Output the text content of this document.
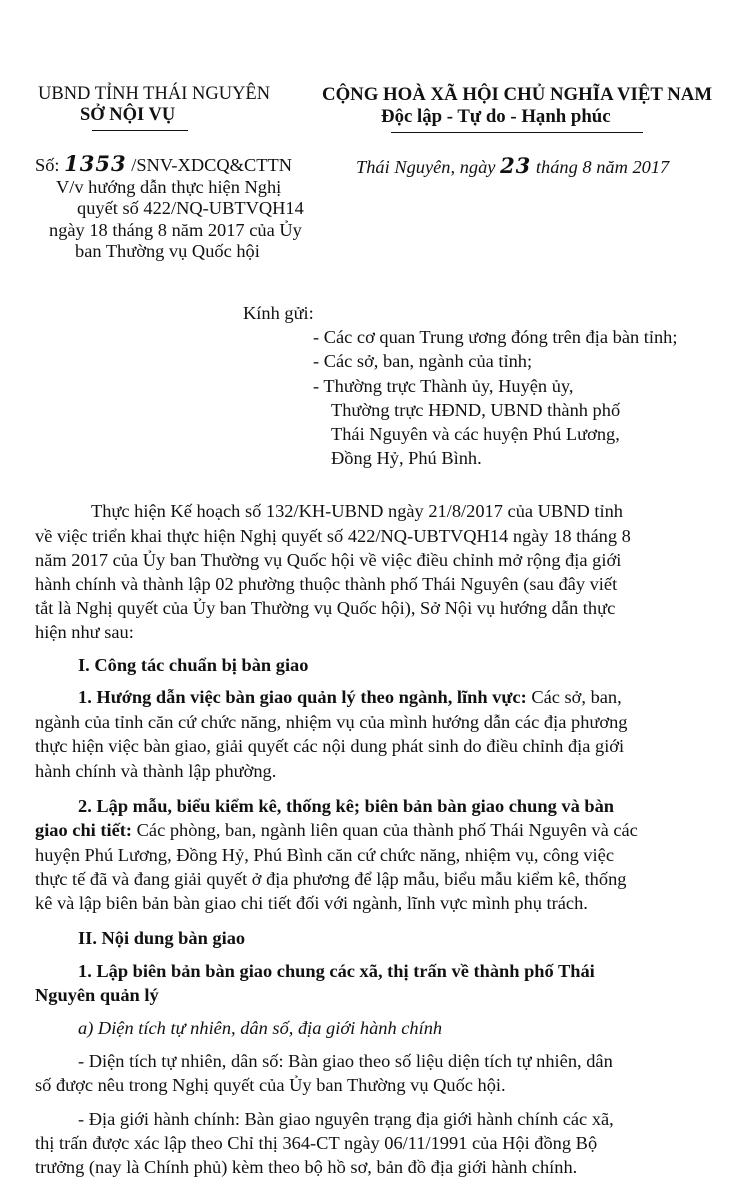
UBND TỈNH THÁI NGUYÊN
SỞ NỘI VỤ
CỘNG HOÀ XÃ HỘI CHỦ NGHĨA VIỆT NAM
Độc lập - Tự do - Hạnh phúc
Số: 1353 /SNV-XDCQ&CTTN	Thái Nguyên, ngày 23 tháng 8 năm 2017
V/v hướng dẫn thực hiện Nghị
quyết số 422/NQ-UBTVQH14
ngày 18 tháng 8 năm 2017 của Ủy
ban Thường vụ Quốc hội
Kính gửi:
- Các cơ quan Trung ương đóng trên địa bàn tỉnh;
- Các sở, ban, ngành của tỉnh;
- Thường trực Thành ủy, Huyện ủy,
Thường trực HĐND, UBND thành phố
Thái Nguyên và các huyện Phú Lương,
Đồng Hỷ, Phú Bình.
Thực hiện Kế hoạch số 132/KH-UBND ngày 21/8/2017 của UBND tỉnh
về việc triển khai thực hiện Nghị quyết số 422/NQ-UBTVQH14 ngày 18 tháng 8
năm 2017 của Ủy ban Thường vụ Quốc hội về việc điều chỉnh mở rộng địa giới
hành chính và thành lập 02 phường thuộc thành phố Thái Nguyên (sau đây viết
tắt là Nghị quyết của Ủy ban Thường vụ Quốc hội), Sở Nội vụ hướng dẫn thực
hiện như sau:
I. Công tác chuẩn bị bàn giao
1. Hướng dẫn việc bàn giao quản lý theo ngành, lĩnh vực: Các sở, ban,
ngành của tỉnh căn cứ chức năng, nhiệm vụ của mình hướng dẫn các địa phương
thực hiện việc bàn giao, giải quyết các nội dung phát sinh do điều chỉnh địa giới
hành chính và thành lập phường.
2. Lập mẫu, biểu kiểm kê, thống kê; biên bản bàn giao chung và bàn
giao chi tiết: Các phòng, ban, ngành liên quan của thành phố Thái Nguyên và các
huyện Phú Lương, Đồng Hỷ, Phú Bình căn cứ chức năng, nhiệm vụ, công việc
thực tế đã và đang giải quyết ở địa phương để lập mẫu, biểu mẫu kiểm kê, thống
kê và lập biên bản bàn giao chi tiết đối với ngành, lĩnh vực mình phụ trách.
II. Nội dung bàn giao
1. Lập biên bản bàn giao chung các xã, thị trấn về thành phố Thái
Nguyên quản lý
a) Diện tích tự nhiên, dân số, địa giới hành chính
- Diện tích tự nhiên, dân số: Bàn giao theo số liệu diện tích tự nhiên, dân
số được nêu trong Nghị quyết của Ủy ban Thường vụ Quốc hội.
- Địa giới hành chính: Bàn giao nguyên trạng địa giới hành chính các xã,
thị trấn được xác lập theo Chỉ thị 364-CT ngày 06/11/1991 của Hội đồng Bộ
trưởng (nay là Chính phủ) kèm theo bộ hồ sơ, bản đồ địa giới hành chính.
